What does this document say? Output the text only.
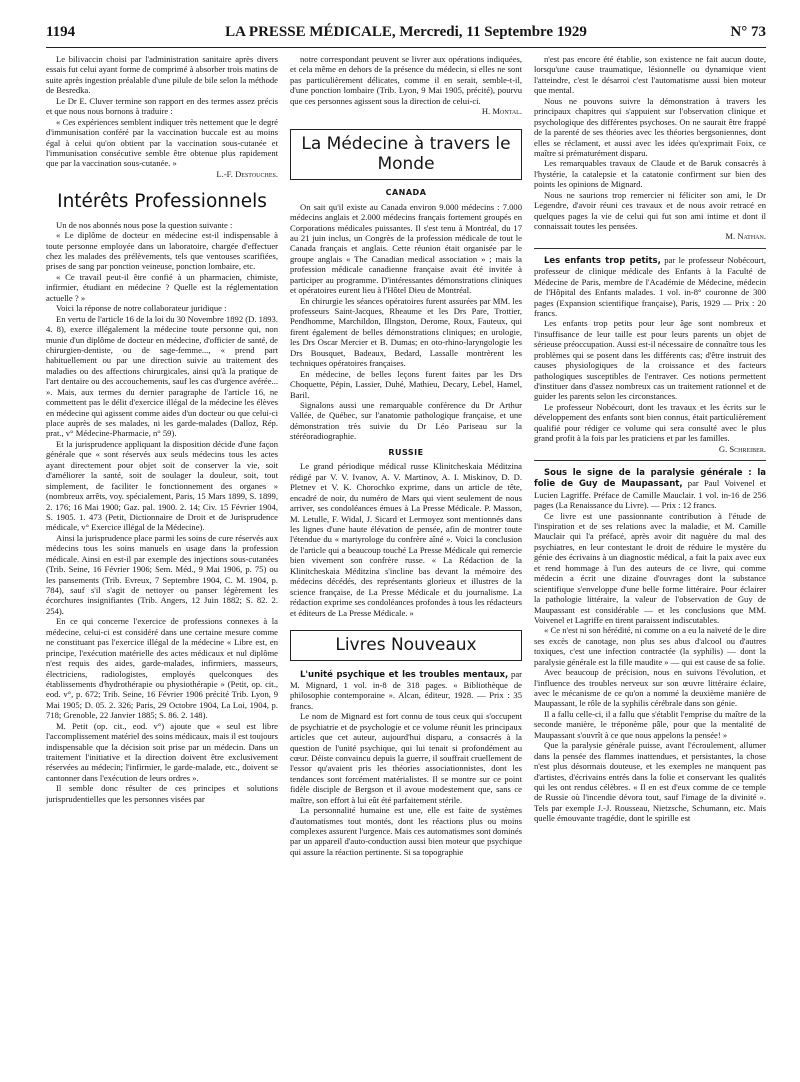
1194	LA PRESSE MÉDICALE, Mercredi, 11 Septembre 1929	N° 73

Le bilivaccin choisi par l'administration sanitaire après divers essais fut celui ayant forme de comprimé à absorber trois matins de suite après ingestion préalable d'une pilule de bile selon la méthode de Besredka.

Le Dr E. Cluver termine son rapport en des termes assez précis et que nous nous bornons à traduire :

« Ces expériences semblent indiquer très nettement que le degré d'immunisation conféré par la vaccination buccale est au moins égal à celui qu'on obtient par la vaccination sous-cutanée et l'immunisation consécutive semble être obtenue plus rapidement que par la vaccination sous-cutanée. »

L.-F. Destouches.

Intérêts Professionnels

Un de nos abonnés nous pose la question suivante :

« Le diplôme de docteur en médecine est-il indispensable à toute personne employée dans un laboratoire, chargée d'effectuer chez les malades des prélèvements, tels que ventouses scarifiées, prises de sang par ponction veineuse, ponction lombaire, etc.

« Ce travail peut-il être confié à un pharmacien, chimiste, infirmier, étudiant en médecine ? Quelle est la réglementation actuelle ? »

Voici la réponse de notre collaborateur juridique :

En vertu de l'article 16 de la loi du 30 Novembre 1892 (D. 1893. 4. 8), exerce illégalement la médecine toute personne qui, non munie d'un diplôme de docteur en médecine, d'officier de santé, de chirurgien-dentiste, ou de sage-femme..., « prend part habituellement ou par une direction suivie au traitement des maladies ou des affections chirurgicales, ainsi qu'à la pratique de l'art dentaire ou des accouchements, sauf les cas d'urgence avérée... ». Mais, aux termes du dernier paragraphe de l'article 16, ne commettent pas le délit d'exercice illégal de la médecine les élèves en médecine qui agissent comme aides d'un docteur ou que celui-ci place auprès de ses malades, ni les garde-malades (Dalloz, Rép. prat., v° Médecine-Pharmacie, n° 59).

Et la jurisprudence appliquant la disposition décide d'une façon générale que « sont réservés aux seuls médecins tous les actes ayant directement pour objet soit de conserver la vie, soit d'améliorer la santé, soit de soulager la douleur, soit, tout simplement, de faciliter le fonctionnement des organes » (nombreux arrêts, voy. spécialement, Paris, 15 Mars 1899, S. 1899, 2. 176; 16 Mai 1900; Gaz. pal. 1900. 2. 14; Civ. 15 Février 1904, S. 1905. 1. 473 (Petit, Dictionnaire de Droit et de Jurisprudence médicale, v° Exercice illégal de la Médecine).

Ainsi la jurisprudence place parmi les soins de cure réservés aux médecins tous les soins manuels en usage dans la profession médicale. Ainsi en est-il par exemple des injections sous-cutanées (Trib. Seine, 16 Février 1906; Sem. Méd., 9 Mai 1906, p. 75) ou les pansements (Trib. Evreux, 7 Septembre 1904, C. M. 1904, p. 784), sauf s'il s'agit de nettoyer ou panser légèrement les écorchures insignifiantes (Trib. Angers, 12 Juin 1882; S. 82. 2. 254).

En ce qui concerne l'exercice de professions connexes à la médecine, celui-ci est considéré dans une certaine mesure comme ne constituant pas l'exercice illégal de la médecine « Libre est, en principe, l'exécution matérielle des actes médicaux et nul diplôme n'est requis des aides, garde-malades, infirmiers, masseurs, électriciens, radiologistes, employés quelconques des établissements d'hydrothérapie ou physiothérapie » (Petit, op. cit., eod. v°, p. 672; Trib. Seine, 16 Février 1906 précité Trib. Lyon, 9 Mai 1905; D. 05. 2. 326; Paris, 29 Octobre 1904, La Loi, 1904, p. 718; Grenoble, 22 Janvier 1885; S. 86. 2. 148).

M. Petit (op. cit., eod. v°) ajoute que « seul est libre l'accomplissement matériel des soins médicaux, mais il est toujours indispensable que la décision soit prise par un médecin. Dans un traitement l'initiative et la direction doivent être exclusivement réservées au médecin; l'infirmier, le garde-malade, etc., doivent se cantonner dans l'exécution de leurs ordres ».

Il semble donc résulter de ces principes et solutions jurisprudentielles que les personnes visées par

notre correspondant peuvent se livrer aux opérations indiquées, et cela même en dehors de la présence du médecin, si elles ne sont pas particulièrement délicates, comme il en serait, semble-t-il, d'une ponction lombaire (Trib. Lyon, 9 Mai 1905, précité), pourvu que ces personnes agissent sous la direction de celui-ci.

H. Montal.

La Médecine à travers le Monde
CANADA

On sait qu'il existe au Canada environ 9.000 médecins : 7.000 médecins anglais et 2.000 médecins français fortement groupés en Corporations médicales puissantes. Il s'est tenu à Montréal, du 17 au 21 juin inclus, un Congrès de la profession médicale de tout le Canada français et anglais. Cette réunion était organisée par le groupe anglais « The Canadian medical association » ; mais la profession médicale canadienne française avait été invitée à participer au programme. D'intéressantes démonstrations cliniques et opératoires eurent lieu à l'Hôtel Dieu de Montréal.

En chirurgie les séances opératoires furent assurées par MM. les professeurs Saint-Jacques, Rheaume et les Drs Pare, Trottier, Pendhomme, Marchildon, Illngston, Derome, Roux, Fauteux, qui firent également de belles démonstrations cliniques; en urologie, les Drs Oscar Mercier et B. Dumas; en oto-rhino-laryngologie les Drs Bousquet, Badeaux, Bedard, Lassalle montrèrent les techniques opératoires françaises.

En médecine, de belles leçons furent faites par les Drs Choquette, Pépin, Lassier, Duhé, Mathieu, Decary, Lebel, Hamel, Baril.

Signalons aussi une remarquable conférence du Dr Arthur Vallée, de Québec, sur l'anatomie pathologique française, et une démonstration très suivie du Dr Léo Pariseau sur la stéréoradiographie.

RUSSIE

Le grand périodique médical russe Klinitcheskaia Méditzina rédigé par V. V. Ivanov, A. V. Martinov, A. I. Miskinov, D. D. Pletnev et V. K. Chorochko exprime, dans un article de tête, encadré de noir, du numéro de Mars qui vient seulement de nous arriver, ses condoléances émues à La Presse Médicale. P. Masson, M. Letulle, F. Widal, J. Sicard et Lermoyez sont mentionnés dans les lignes d'une haute élévation de pensée, afin de montrer toute l'étendue du « martyrologe du confrère aîné ». Voici la conclusion de l'article qui a beaucoup touché La Presse Médicale qui remercie bien vivement son confrère russe. « La Rédaction de la Klinitcheskaia Méditzina s'incline bas devant la mémoire des médecins décédés, des représentants glorieux et illustres de la science française, de La Presse Médicale et du journalisme. La rédaction exprime ses condoléances profondes à tous les rédacteurs et éditeurs de La Presse Médicale. »

Livres Nouveaux

L'unité psychique et les troubles mentaux, par M. Mignard, 1 vol. in-8 de 318 pages. « Bibliothèque de philosophie contemporaine ». Alcan, éditeur, 1928. — Prix : 35 francs.

Le nom de Mignard est fort connu de tous ceux qui s'occupent de psychiatrie et de psychologie et ce volume réunit les principaux articles que cet auteur, aujourd'hui disparu, a consacrés à la question de l'unité psychique, qui lui tenait si profondément au cœur. Déiste convaincu depuis la guerre, il souffrait cruellement de l'essor qu'avaient pris les théories associationnistes, dont les tendances sont forcément matérialistes. Il se montre sur ce point fidèle disciple de Bergson et il avoue modestement que, sans ce maître, son effort à lui eût été parfaitement stérile.

La personnalité humaine est une, elle est faite de systèmes d'automatismes tout montés, dont les réactions plus ou moins complexes assurent l'urgence. Mais ces automatismes sont dominés par un appareil d'auto-conduction aussi bien moteur que psychique qui assure la réaction pertinente. Si sa topographie

n'est pas encore été établie, son existence ne fait aucun doute, lorsqu'une cause traumatique, lésionnelle ou dynamique vient l'atteindre, c'est le désarroi c'est l'automatisme aussi bien moteur que mental.

Nous ne pouvons suivre la démonstration à travers les principaux chapitres qui s'appuient sur l'observation clinique et psychologique des différentes psychoses. On ne saurait être frappé de la parenté de ses théories avec les théories bergsoniennes, dont elles se réclament, et aussi avec les idées qu'exprimait Foix, ce maître si prématurément disparu.

Les remarquables travaux de Claude et de Baruk consacrés à l'hystérie, la catalepsie et la catatonie confirment sur bien des points les opinions de Mignard.

Nous ne saurions trop remercier ni féliciter son ami, le Dr Legendre, d'avoir réuni ces travaux et de nous avoir retracé en quelques pages la vie de celui qui fut son ami intime et dont il connaissait toutes les pensées.

M. Nathan.

Les enfants trop petits, par le professeur Nobécourt, professeur de clinique médicale des Enfants à la Faculté de Médecine de Paris, membre de l'Académie de Médecine, médecin de l'Hôpital des Enfants malades. 1 vol. in-8° couronne de 300 pages (Expansion scientifique française), Paris, 1929 — Prix : 20 francs.

Les enfants trop petits pour leur âge sont nombreux et l'insuffisance de leur taille est pour leurs parents un objet de sérieuse préoccupation. Aussi est-il nécessaire de connaître tous les problèmes qui se posent dans les différents cas; d'être instruit des causes physiologiques de la croissance et des facteurs pathologiques susceptibles de l'entraver. Ces notions permettent d'instituer dans d'assez nombreux cas un traitement rationnel et de guider les parents selon les circonstances.

Le professeur Nobécourt, dont les travaux et les écrits sur le développement des enfants sont bien connus, était particulièrement qualifié pour rédiger ce volume qui sera consulté avec le plus grand profit à la fois par les praticiens et par les familles.

G. Schreiber.

Sous le signe de la paralysie générale : la folie de Guy de Maupassant, par Paul Voivenel et Lucien Lagriffe. Préface de Camille Mauclair. 1 vol. in-16 de 256 pages (La Renaissance du Livre). — Prix : 12 francs.

Ce livre est une passionnante contribution à l'étude de l'inspiration et de ses relations avec la maladie, et M. Camille Mauclair qui l'a préfacé, après avoir dit naguère du mal des psychiatres, en leur contestant le droit de réduire le mystère du génie des écrivains à un diagnostic médical, a fait la paix avec eux et rend hommage à l'un des auteurs de ce livre, qui comme médecin a écrit une dizaine d'ouvrages dont la substance scientifique s'enveloppe d'une belle forme littéraire. Pour éclairer la pathologie littéraire, la valeur de l'observation de Guy de Maupassant est considérable — et les conclusions que MM. Voivenel et Lagriffe en tirent paraissent indiscutables.

« Ce n'est ni son hérédité, ni comme on a eu la naïveté de le dire ses excès de canotage, non plus ses abus d'alcool ou d'autres toxiques, c'est une infection contractée (la syphilis) — dont la paralysie générale est la fille maudite » — qui est cause de sa folie.

Avec beaucoup de précision, nous en suivons l'évolution, et l'influence des troubles nerveux sur son œuvre littéraire éclaire, avec le mécanisme de ce qu'on a nommé la deuxième manière de Maupassant, le rôle de la syphilis cérébrale dans son génie.

Il a fallu celle-ci, il a fallu que s'établit l'emprise du maître de la seconde manière, le tréponème pâle, pour que la mentalité de Maupassant s'ouvrît à ce que nous appelons la pensée! »

Que la paralysie générale puisse, avant l'écroulement, allumer dans la pensée des flammes inattendues, et persistantes, la chose n'est plus désormais douteuse, et les exemples ne manquent pas d'artistes, d'écrivains entrés dans la folie et conservant les qualités qui les ont rendus célèbres. « Il en est d'eux comme de ce temple de Russie où l'incendie dévora tout, sauf l'image de la divinité ». Tels par exemple J.-J. Rousseau, Nietzsche, Schumann, etc. Mais quelle émouvante tragédie, dont le spirille est
